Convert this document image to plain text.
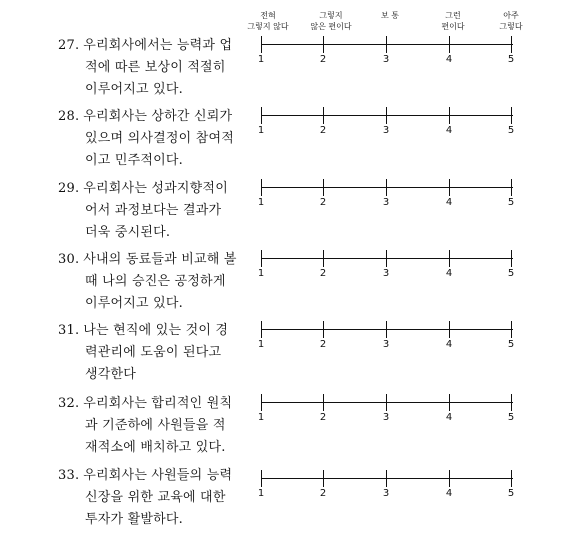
전혀
그렇지 않다
그렇지
않은 편이다
보 통	그런
편이다
아주
그렇다
27. 우리회사에서는 능력과 업
적에 따른 보상이 적절히
이루어지고 있다.
1	2	3	4	5
28. 우리회사는 상하간 신뢰가
있으며 의사결정이 참여적
이고 민주적이다.
1	2	3	4	5
29. 우리회사는 성과지향적이
어서 과정보다는 결과가
더욱 중시된다.
1	2	3	4	5
30. 사내의 동료들과 비교해 볼
때 나의 승진은 공정하게
이루어지고 있다.
1	2	3	4	5
31. 나는 현직에 있는 것이 경
력관리에 도움이 된다고
생각한다
1	2	3	4	5
32. 우리회사는 합리적인 원칙
과 기준하에 사원들을 적
재적소에 배치하고 있다.
1	2	3	4	5
33. 우리회사는 사원들의 능력
신장을 위한 교육에 대한
투자가 활발하다.
1	2	3	4	5
